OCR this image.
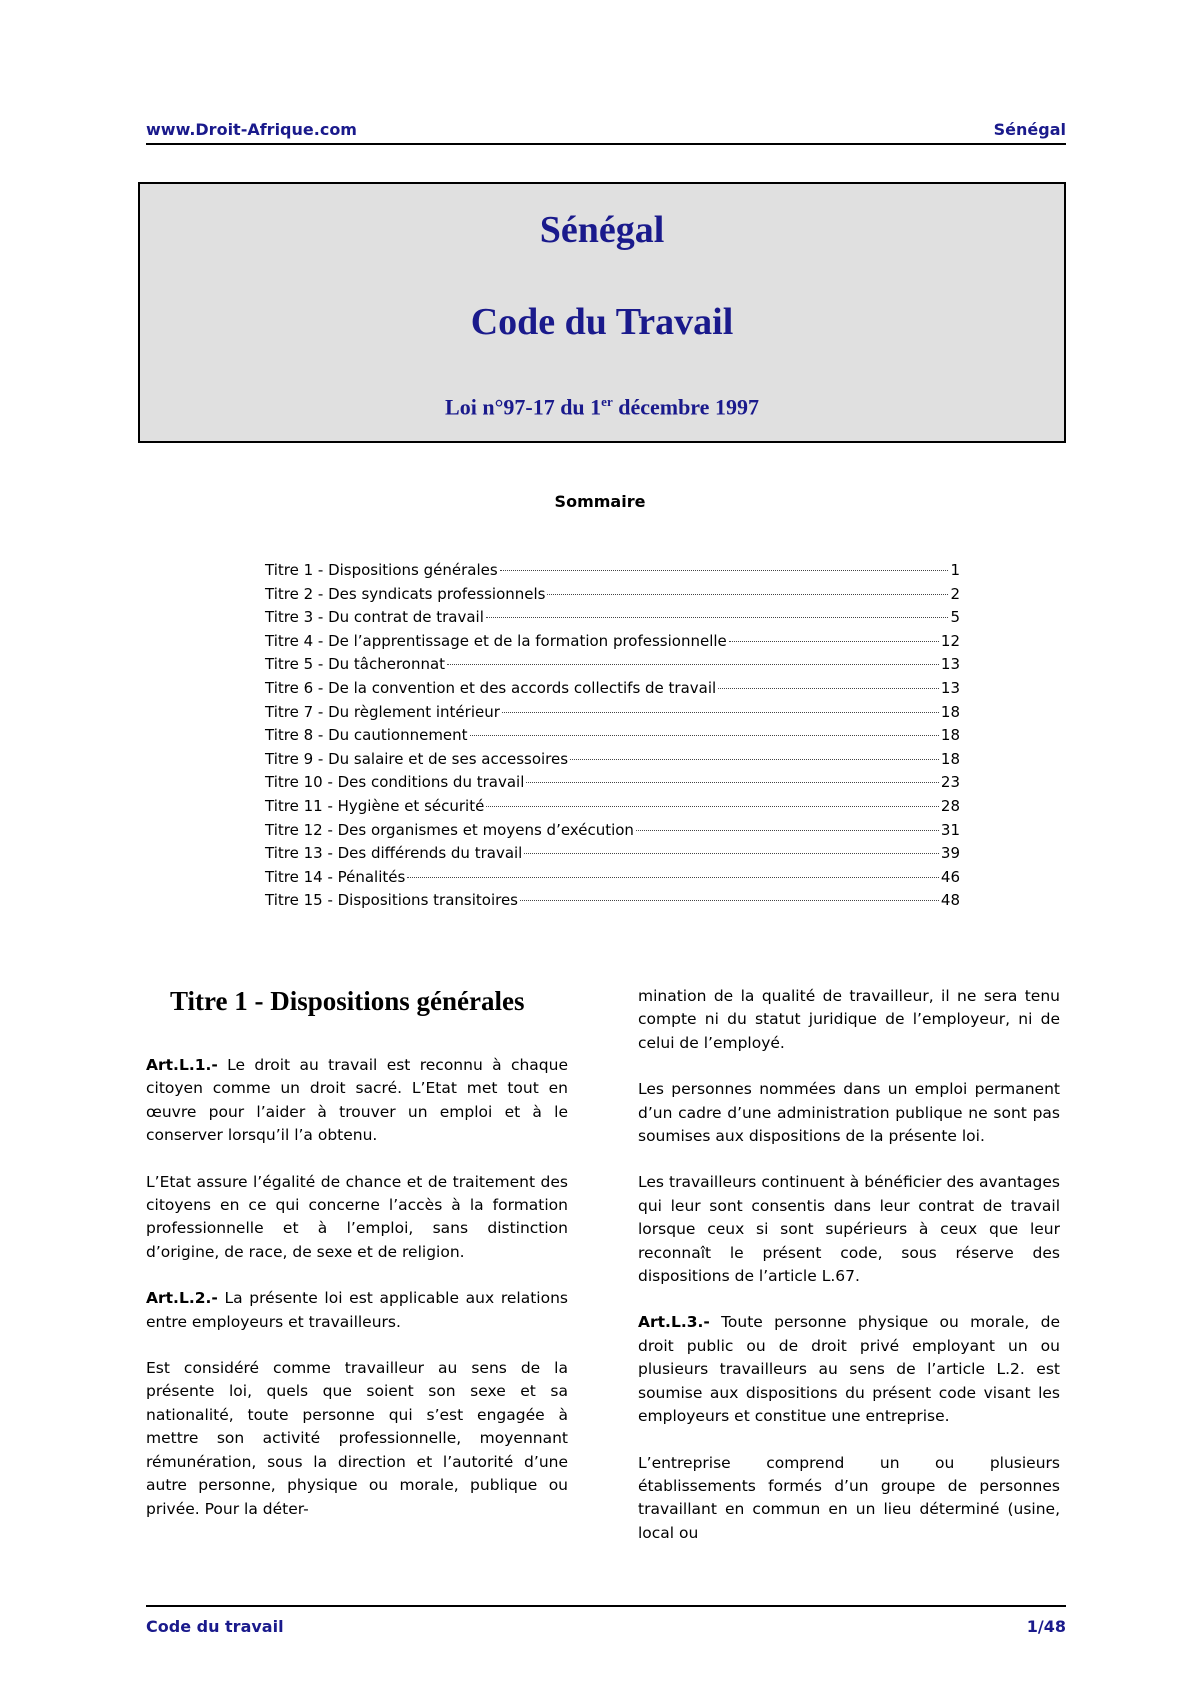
www.Droit-Afrique.com	Sénégal
Sénégal
Code du Travail
Loi n°97-17 du 1er décembre 1997
Sommaire
Titre 1 - Dispositions générales	1
Titre 2 - Des syndicats professionnels	2
Titre 3 - Du contrat de travail	5
Titre 4 - De l’apprentissage et de la formation professionnelle	12
Titre 5 - Du tâcheronnat	13
Titre 6 - De la convention et des accords collectifs de travail	13
Titre 7 - Du règlement intérieur	18
Titre 8 - Du cautionnement	18
Titre 9 - Du salaire et de ses accessoires	18
Titre 10 - Des conditions du travail	23
Titre 11 - Hygiène et sécurité	28
Titre 12 - Des organismes et moyens d’exécution	31
Titre 13 - Des différends du travail	39
Titre 14 - Pénalités	46
Titre 15 - Dispositions transitoires	48
Titre 1 - Dispositions générales

Art.L.1.- Le droit au travail est reconnu à chaque citoyen comme un droit sacré. L’Etat met tout en œuvre pour l’aider à trouver un emploi et à le conserver lorsqu’il l’a obtenu.

L’Etat assure l’égalité de chance et de traitement des citoyens en ce qui concerne l’accès à la formation professionnelle et à l’emploi, sans distinction d’origine, de race, de sexe et de religion.

Art.L.2.- La présente loi est applicable aux relations entre employeurs et travailleurs.

Est considéré comme travailleur au sens de la présente loi, quels que soient son sexe et sa nationalité, toute personne qui s’est engagée à mettre son activité professionnelle, moyennant rémunération, sous la direction et l’autorité d’une autre personne, physique ou morale, publique ou privée. Pour la déter-

mination de la qualité de travailleur, il ne sera tenu compte ni du statut juridique de l’employeur, ni de celui de l’employé.

Les personnes nommées dans un emploi permanent d’un cadre d’une administration publique ne sont pas soumises aux dispositions de la présente loi.

Les travailleurs continuent à bénéficier des avantages qui leur sont consentis dans leur contrat de travail lorsque ceux si sont supérieurs à ceux que leur reconnaît le présent code, sous réserve des dispositions de l’article L.67.

Art.L.3.- Toute personne physique ou morale, de droit public ou de droit privé employant un ou plusieurs travailleurs au sens de l’article L.2. est soumise aux dispositions du présent code visant les employeurs et constitue une entreprise.

L’entreprise comprend un ou plusieurs établissements formés d’un groupe de personnes travaillant en commun en un lieu déterminé (usine, local ou

Code du travail	1/48
